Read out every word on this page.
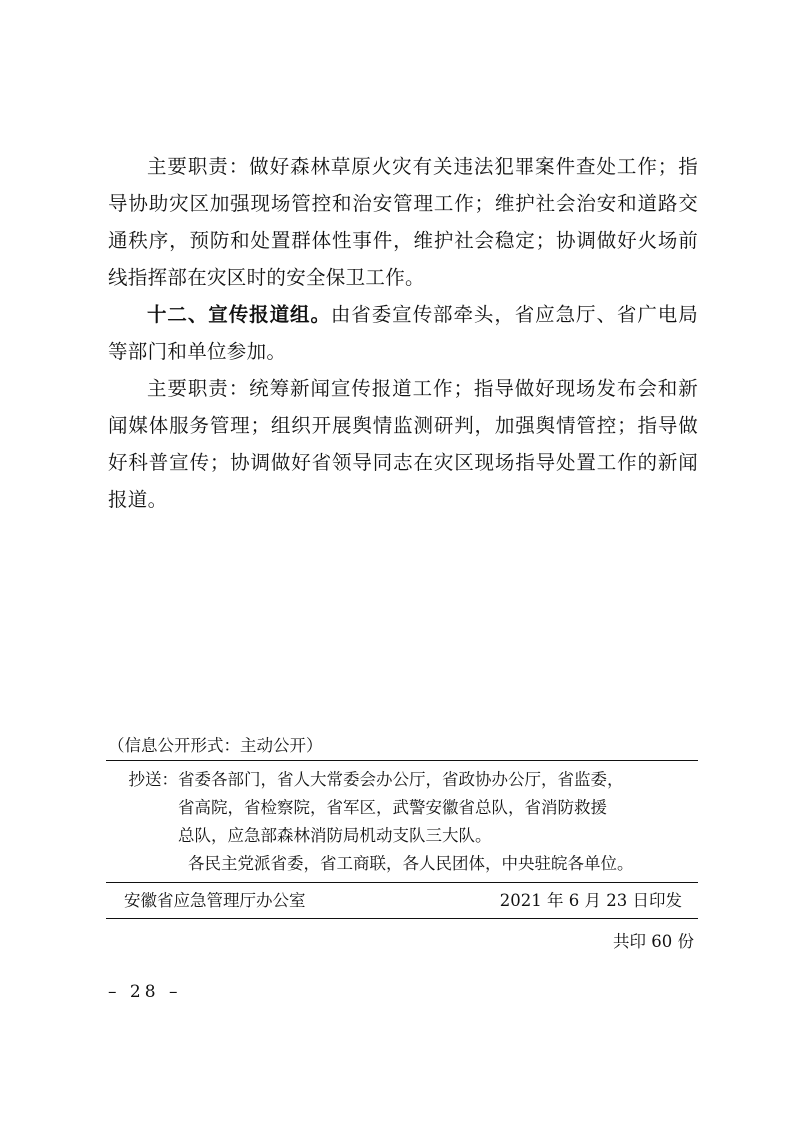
主要职责：做好森林草原火灾有关违法犯罪案件查处工作；指导协助灾区加强现场管控和治安管理工作；维护社会治安和道路交通秩序，预防和处置群体性事件，维护社会稳定；协调做好火场前线指挥部在灾区时的安全保卫工作。

十二、宣传报道组。由省委宣传部牵头，省应急厅、省广电局等部门和单位参加。

主要职责：统筹新闻宣传报道工作；指导做好现场发布会和新闻媒体服务管理；组织开展舆情监测研判，加强舆情管控；指导做好科普宣传；协调做好省领导同志在灾区现场指导处置工作的新闻报道。

（信息公开形式：主动公开）
抄送： 省委各部门，省人大常委会办公厅，省政协办公厅，省监委，
省高院，省检察院，省军区，武警安徽省总队，省消防救援
总队，应急部森林消防局机动支队三大队。
各民主党派省委，省工商联，各人民团体，中央驻皖各单位。
安徽省应急管理厅办公室	2021 年 6 月 23 日印发
共印 60 份
– 28 –
